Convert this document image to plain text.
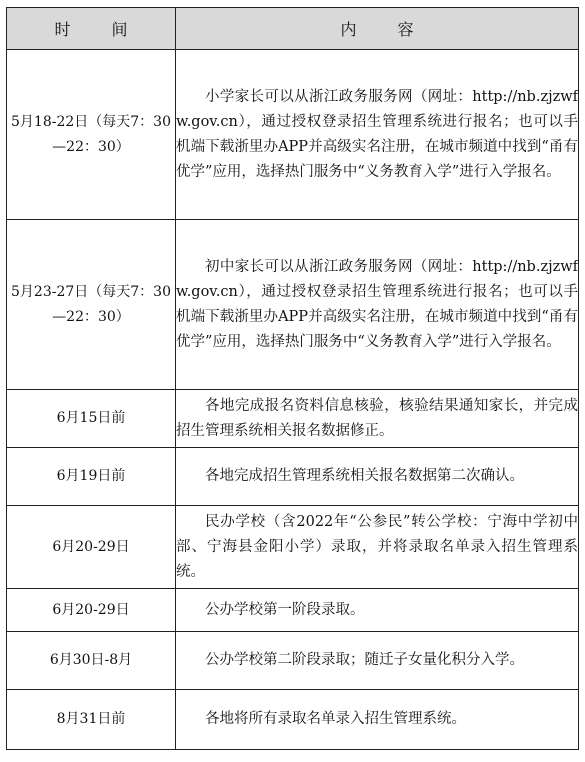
时 间	内 容
5月18-22日（每天7：30—22：30）	小学家长可以从浙江政务服务网（网址：http://nb.zjzwfw.gov.cn），通过授权登录招生管理系统进行报名；也可以手机端下载浙里办APP并高级实名注册，在城市频道中找到“甬有优学”应用，选择热门服务中“义务教育入学”进行入学报名。
5月23-27日（每天7：30—22：30）	初中家长可以从浙江政务服务网（网址：http://nb.zjzwfw.gov.cn），通过授权登录招生管理系统进行报名；也可以手机端下载浙里办APP并高级实名注册，在城市频道中找到“甬有优学”应用，选择热门服务中“义务教育入学”进行入学报名。
6月15日前	各地完成报名资料信息核验，核验结果通知家长，并完成招生管理系统相关报名数据修正。
6月19日前	各地完成招生管理系统相关报名数据第二次确认。
6月20-29日	民办学校（含2022年“公参民”转公学校：宁海中学初中部、宁海县金阳小学）录取，并将录取名单录入招生管理系统。
6月20-29日	公办学校第一阶段录取。
6月30日-8月	公办学校第二阶段录取；随迁子女量化积分入学。
8月31日前	各地将所有录取名单录入招生管理系统。
